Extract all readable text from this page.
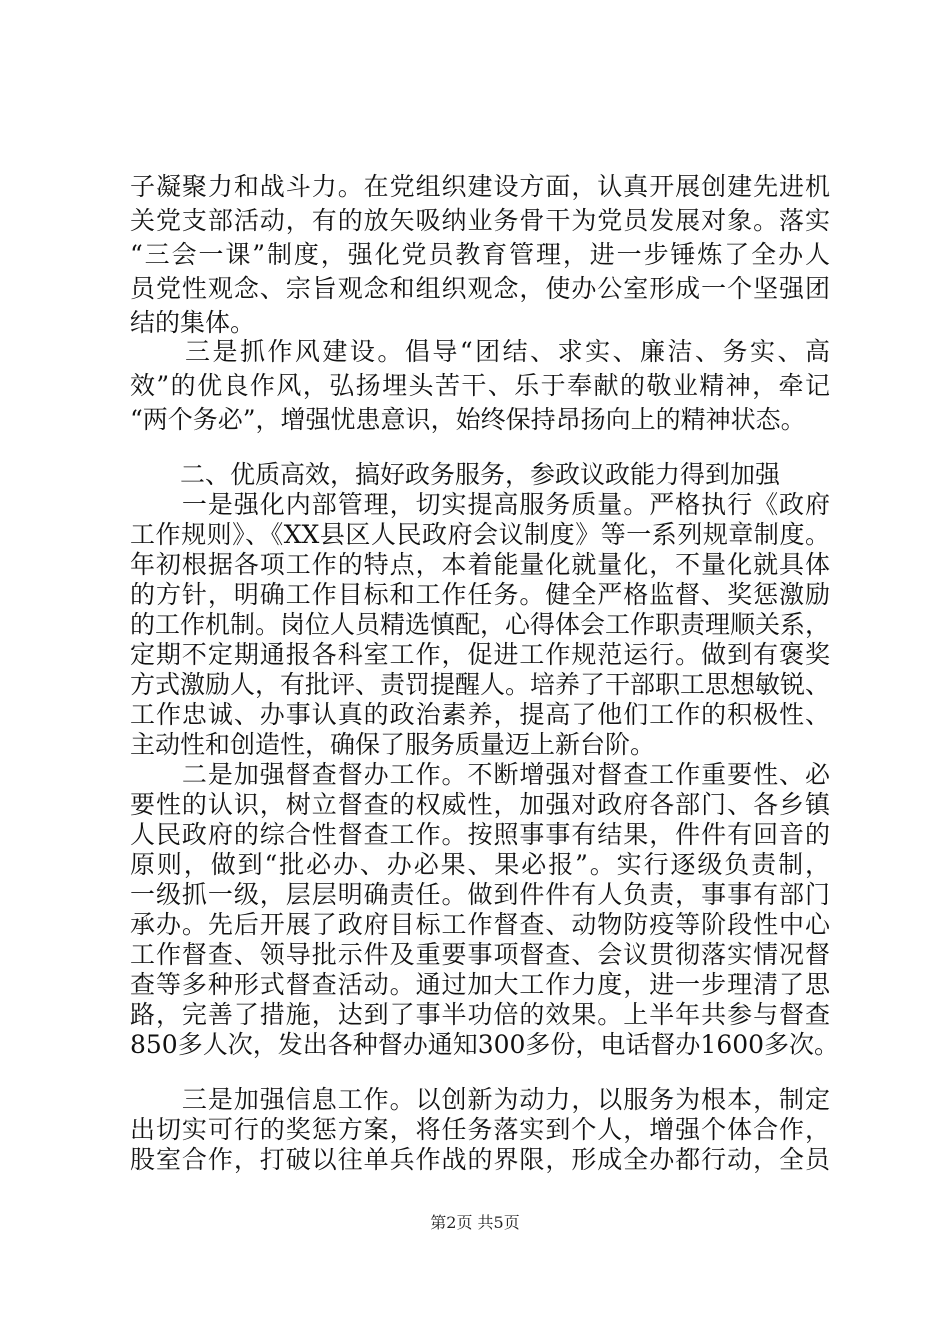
子凝聚力和战斗力。在党组织建设方面，认真开展创建先进机
关党支部活动，有的放矢吸纳业务骨干为党员发展对象。落实
“三会一课”制度，强化党员教育管理，进一步锤炼了全办人
员党性观念、宗旨观念和组织观念，使办公室形成一个坚强团
结的集体。
　　三是抓作风建设。倡导“团结、求实、廉洁、务实、高
效”的优良作风，弘扬埋头苦干、乐于奉献的敬业精神，牵记
“两个务必”，增强忧患意识，始终保持昂扬向上的精神状态。
　　二、优质高效，搞好政务服务，参政议政能力得到加强
　　一是强化内部管理，切实提高服务质量。严格执行《政府
工作规则》、《XX县区人民政府会议制度》等一系列规章制度。
年初根据各项工作的特点，本着能量化就量化，不量化就具体
的方针，明确工作目标和工作任务。健全严格监督、奖惩激励
的工作机制。岗位人员精选慎配，心得体会工作职责理顺关系，
定期不定期通报各科室工作，促进工作规范运行。做到有褒奖
方式激励人，有批评、责罚提醒人。培养了干部职工思想敏锐、
工作忠诚、办事认真的政治素养，提高了他们工作的积极性、
主动性和创造性，确保了服务质量迈上新台阶。
　　二是加强督查督办工作。不断增强对督查工作重要性、必
要性的认识，树立督查的权威性，加强对政府各部门、各乡镇
人民政府的综合性督查工作。按照事事有结果，件件有回音的
原则，做到“批必办、办必果、果必报”。实行逐级负责制，
一级抓一级，层层明确责任。做到件件有人负责，事事有部门
承办。先后开展了政府目标工作督查、动物防疫等阶段性中心
工作督查、领导批示件及重要事项督查、会议贯彻落实情况督
查等多种形式督查活动。通过加大工作力度，进一步理清了思
路，完善了措施，达到了事半功倍的效果。上半年共参与督查
850多人次，发出各种督办通知300多份，电话督办1600多次。
　　三是加强信息工作。以创新为动力，以服务为根本，制定
出切实可行的奖惩方案，将任务落实到个人，增强个体合作，
股室合作，打破以往单兵作战的界限，形成全办都行动，全员
第2页 共5页
